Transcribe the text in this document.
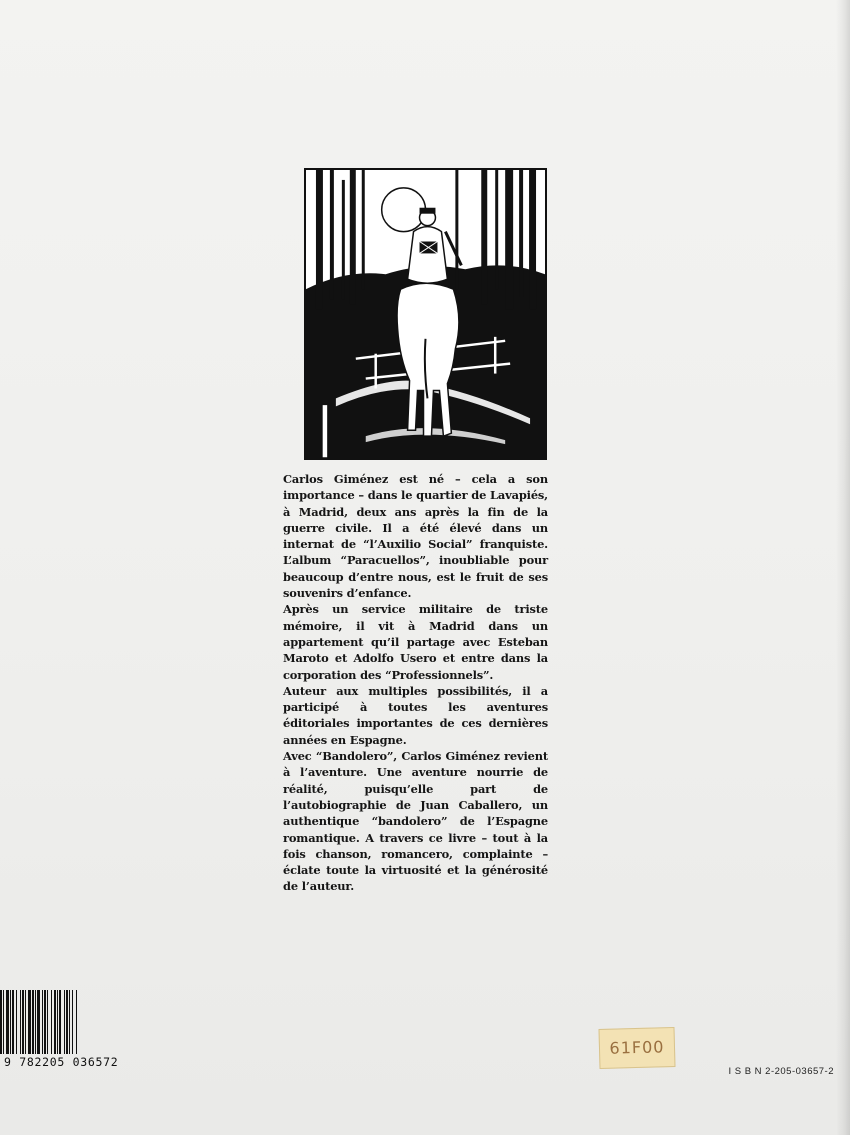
Carlos Giménez est né – cela a son importance – dans le quartier de Lavapiés, à Madrid, deux ans après la fin de la guerre civile. Il a été élevé dans un internat de “l’Auxilio Social” franquiste. L’album “Paracuellos”, inoubliable pour beaucoup d’entre nous, est le fruit de ses souvenirs d’enfance.

Après un service militaire de triste mémoire, il vit à Madrid dans un appartement qu’il partage avec Esteban Maroto et Adolfo Usero et entre dans la corporation des “Professionnels”.

Auteur aux multiples possibilités, il a participé à toutes les aventures éditoriales importantes de ces dernières années en Espagne.

Avec “Bandolero”, Carlos Giménez revient à l’aventure. Une aventure nourrie de réalité, puisqu’elle part de l’autobiographie de Juan Caballero, un authentique “bandolero” de l’Espagne romantique. A travers ce livre – tout à la fois chanson, romancero, complainte – éclate toute la virtuosité et la générosité de l’auteur.

9 782205 036572
61F00
I S B N 2-205-03657-2
